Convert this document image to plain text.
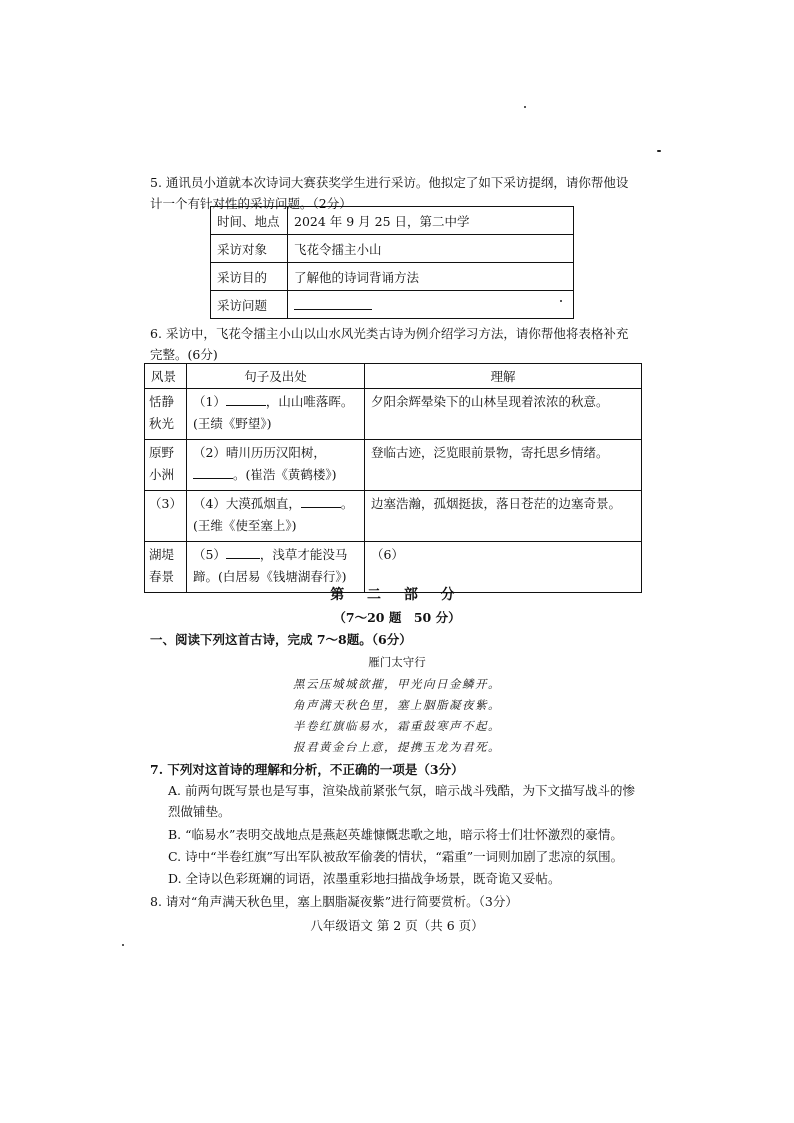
5. 通讯员小道就本次诗词大赛获奖学生进行采访。他拟定了如下采访提纲，请你帮他设计一个有针对性的采访问题。（2分）
时间、地点	2024 年 9 月 25 日，第二中学
采访对象	飞花令擂主小山
采访目的	了解他的诗词背诵方法
采访问题	
6. 采访中，飞花令擂主小山以山水风光类古诗为例介绍学习方法，请你帮他将表格补充完整。(6分)
风景	句子及出处	理解
恬静秋光	（1） ，山山唯落晖。(王绩《野望》)	夕阳余辉晕染下的山林呈现着浓浓的秋意。
原野小洲	（2）晴川历历汉阳树，。(崔浩《黄鹤楼》)	登临古迹，泛览眼前景物，寄托思乡情绪。
（3）	（4）大漠孤烟直， 。(王维《使至塞上》)	边塞浩瀚，孤烟挺拔，落日苍茫的边塞奇景。
湖堤春景	（5） ，浅草才能没马蹄。(白居易《钱塘湖春行》)	（6）
第 二 部 分
（7～20 题　50 分）
一、阅读下列这首古诗，完成 7～8题。（6分）
雁门太守行
黑云压城城欲摧，甲光向日金鳞开。
角声满天秋色里，塞上胭脂凝夜紫。
半卷红旗临易水，霜重鼓寒声不起。
报君黄金台上意，提携玉龙为君死。
7. 下列对这首诗的理解和分析，不正确的一项是（3分）
A. 前两句既写景也是写事，渲染战前紧张气氛，暗示战斗残酷，为下文描写战斗的惨烈做铺垫。
B. “临易水”表明交战地点是燕赵英雄慷慨悲歌之地，暗示将士们壮怀激烈的豪情。
C. 诗中“半卷红旗”写出军队被敌军偷袭的情状，“霜重”一词则加剧了悲凉的氛围。
D. 全诗以色彩斑斓的词语，浓墨重彩地扫描战争场景，既奇诡又妥帖。
8. 请对“角声满天秋色里，塞上胭脂凝夜紫”进行简要赏析。（3分）
八年级语文 第 2 页（共 6 页）
